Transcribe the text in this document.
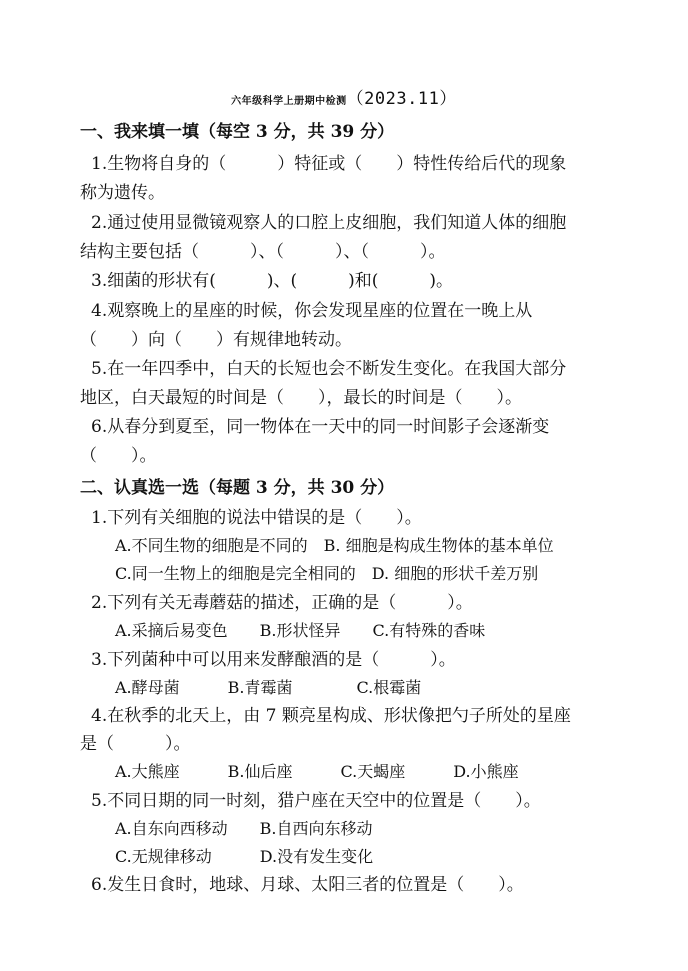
六年级科学上册期中检测（2023.11）
一、我来填一填（每空 3 分，共 39 分）
1.生物将自身的（　　　）特征或（　　）特性传给后代的现象
称为遗传。
2.通过使用显微镜观察人的口腔上皮细胞，我们知道人体的细胞
结构主要包括（　　　）、（　　　）、（　　　）。
3.细菌的形状有(　　　)、(　　　)和(　　　)。
4.观察晚上的星座的时候，你会发现星座的位置在一晚上从
（　　）向（　　）有规律地转动。
5.在一年四季中，白天的长短也会不断发生变化。在我国大部分
地区，白天最短的时间是（　　），最长的时间是（　　）。
6.从春分到夏至，同一物体在一天中的同一时间影子会逐渐变
（　　）。
二、认真选一选（每题 3 分，共 30 分）
1.下列有关细胞的说法中错误的是（　　）。
A.不同生物的细胞是不同的　B. 细胞是构成生物体的基本单位
C.同一生物上的细胞是完全相同的　D. 细胞的形状千差万别
2.下列有关无毒蘑菇的描述，正确的是（　　　）。
A.采摘后易变色　　B.形状怪异　　C.有特殊的香味
3.下列菌种中可以用来发酵酿酒的是（　　　）。
A.酵母菌　　　B.青霉菌　　　　C.根霉菌
4.在秋季的北天上，由 7 颗亮星构成、形状像把勺子所处的星座
是（　　　）。
A.大熊座　　　B.仙后座　　　C.天蝎座　　　D.小熊座
5.不同日期的同一时刻，猎户座在天空中的位置是（　　）。
A.自东向西移动　　B.自西向东移动
C.无规律移动　　　D.没有发生变化
6.发生日食时，地球、月球、太阳三者的位置是（　　）。
